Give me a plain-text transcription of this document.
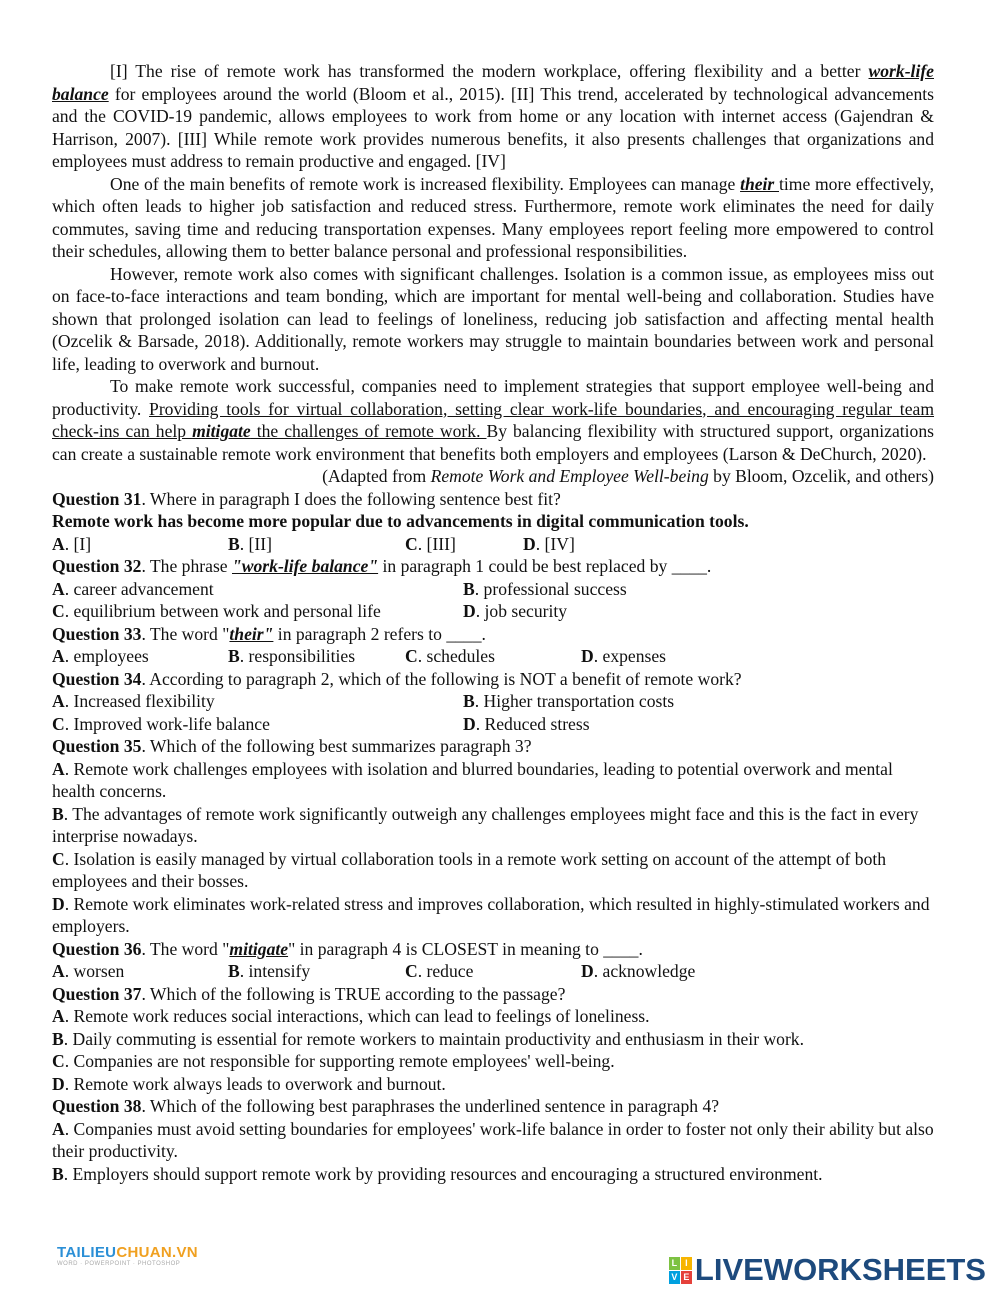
[I] The rise of remote work has transformed the modern workplace, offering flexibility and a better work-life balance for employees around the world (Bloom et al., 2015). [II] This trend, accelerated by technological advancements and the COVID-19 pandemic, allows employees to work from home or any location with internet access (Gajendran & Harrison, 2007). [III] While remote work provides numerous benefits, it also presents challenges that organizations and employees must address to remain productive and engaged. [IV]

One of the main benefits of remote work is increased flexibility. Employees can manage their time more effectively, which often leads to higher job satisfaction and reduced stress. Furthermore, remote work eliminates the need for daily commutes, saving time and reducing transportation expenses. Many employees report feeling more empowered to control their schedules, allowing them to better balance personal and professional responsibilities.

However, remote work also comes with significant challenges. Isolation is a common issue, as employees miss out on face-to-face interactions and team bonding, which are important for mental well-being and collaboration. Studies have shown that prolonged isolation can lead to feelings of loneliness, reducing job satisfaction and affecting mental health (Ozcelik & Barsade, 2018). Additionally, remote workers may struggle to maintain boundaries between work and personal life, leading to overwork and burnout.

To make remote work successful, companies need to implement strategies that support employee well-being and productivity. Providing tools for virtual collaboration, setting clear work-life boundaries, and encouraging regular team check-ins can help mitigate the challenges of remote work. By balancing flexibility with structured support, organizations can create a sustainable remote work environment that benefits both employers and employees (Larson & DeChurch, 2020).

(Adapted from Remote Work and Employee Well-being by Bloom, Ozcelik, and others)

Question 31. Where in paragraph I does the following sentence best fit?

Remote work has become more popular due to advancements in digital communication tools.

A. [I]	B. [II]	C. [III]	D. [IV]

Question 32. The phrase "work-life balance" in paragraph 1 could be best replaced by ____.

A. career advancement	B. professional success
C. equilibrium between work and personal life	D. job security

Question 33. The word "their" in paragraph 2 refers to ____.

A. employees	B. responsibilities	C. schedules	D. expenses

Question 34. According to paragraph 2, which of the following is NOT a benefit of remote work?

A. Increased flexibility	B. Higher transportation costs
C. Improved work-life balance	D. Reduced stress

Question 35. Which of the following best summarizes paragraph 3?

A. Remote work challenges employees with isolation and blurred boundaries, leading to potential overwork and mental health concerns.

B. The advantages of remote work significantly outweigh any challenges employees might face and this is the fact in every interprise nowadays.

C. Isolation is easily managed by virtual collaboration tools in a remote work setting on account of the attempt of both employees and their bosses.

D. Remote work eliminates work-related stress and improves collaboration, which resulted in highly-stimulated workers and employers.

Question 36. The word "mitigate" in paragraph 4 is CLOSEST in meaning to ____.

A. worsen	B. intensify	C. reduce	D. acknowledge

Question 37. Which of the following is TRUE according to the passage?

A. Remote work reduces social interactions, which can lead to feelings of loneliness.

B. Daily commuting is essential for remote workers to maintain productivity and enthusiasm in their work.

C. Companies are not responsible for supporting remote employees' well-being.

D. Remote work always leads to overwork and burnout.

Question 38. Which of the following best paraphrases the underlined sentence in paragraph 4?

A. Companies must avoid setting boundaries for employees' work-life balance in order to foster not only their ability but also their productivity.

B. Employers should support remote work by providing resources and encouraging a structured environment.

TAILIEUCHUAN.VN
WORD · POWERPOINT · PHOTOSHOP	L I
V E LIVEWORKSHEETS
